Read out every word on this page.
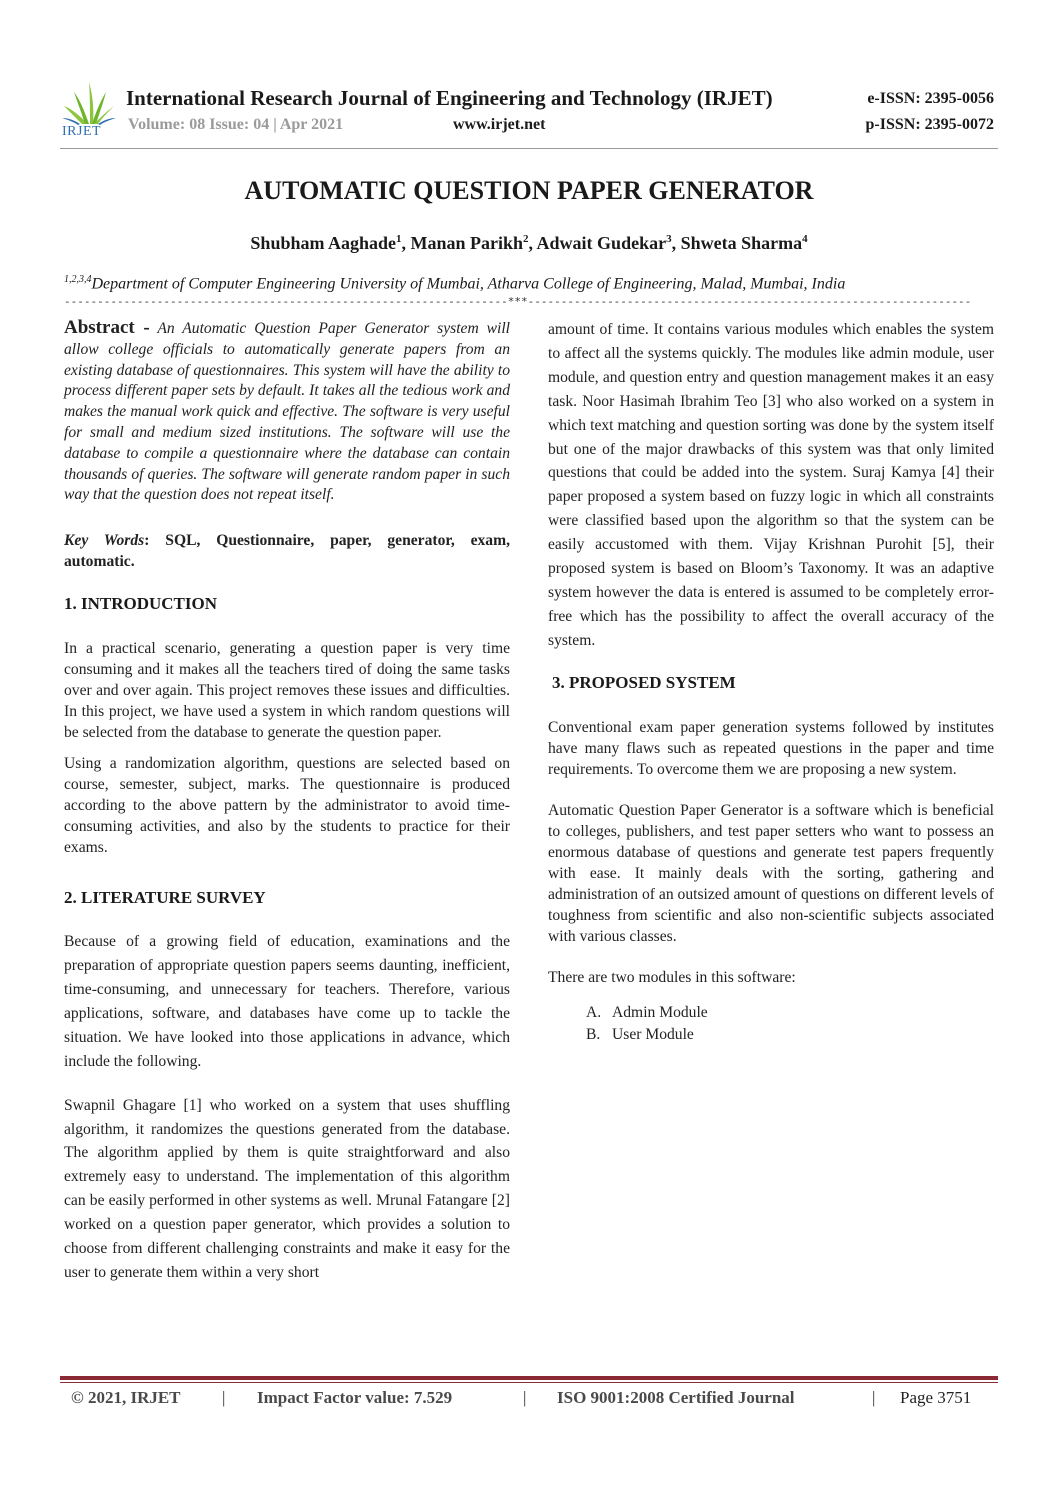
IRJET
International Research Journal of Engineering and Technology (IRJET)
Volume: 08 Issue: 04 | Apr 2021	www.irjet.net
e-ISSN: 2395-0056
p-ISSN: 2395-0072
AUTOMATIC QUESTION PAPER GENERATOR
Shubham Aaghade$^1$, Manan Parikh$^2$, Adwait Gudekar$^3$, Shweta Sharma$^4$
$^{1,2,3,4}$Department of Computer Engineering University of Mumbai, Atharva College of Engineering, Malad, Mumbai, India
-------------------------------------------------------------------***-------------------------------------------------------------------

Abstract - An Automatic Question Paper Generator system will allow college officials to automatically generate papers from an existing database of questionnaires. This system will have the ability to process different paper sets by default. It takes all the tedious work and makes the manual work quick and effective. The software is very useful for small and medium sized institutions. The software will use the database to compile a questionnaire where the database can contain thousands of queries. The software will generate random paper in such way that the question does not repeat itself.

Key Words: SQL, Questionnaire, paper, generator, exam, automatic.

1. INTRODUCTION

In a practical scenario, generating a question paper is very time consuming and it makes all the teachers tired of doing the same tasks over and over again. This project removes these issues and difficulties. In this project, we have used a system in which random questions will be selected from the database to generate the question paper.

Using a randomization algorithm, questions are selected based on course, semester, subject, marks. The questionnaire is produced according to the above pattern by the administrator to avoid time-consuming activities, and also by the students to practice for their exams.

2. LITERATURE SURVEY

Because of a growing field of education, examinations and the preparation of appropriate question papers seems daunting, inefficient, time-consuming, and unnecessary for teachers. Therefore, various applications, software, and databases have come up to tackle the situation. We have looked into those applications in advance, which include the following.

Swapnil Ghagare [1] who worked on a system that uses shuffling algorithm, it randomizes the questions generated from the database. The algorithm applied by them is quite straightforward and also extremely easy to understand. The implementation of this algorithm can be easily performed in other systems as well. Mrunal Fatangare [2] worked on a question paper generator, which provides a solution to choose from different challenging constraints and make it easy for the user to generate them within a very short

amount of time. It contains various modules which enables the system to affect all the systems quickly. The modules like admin module, user module, and question entry and question management makes it an easy task. Noor Hasimah Ibrahim Teo [3] who also worked on a system in which text matching and question sorting was done by the system itself but one of the major drawbacks of this system was that only limited questions that could be added into the system. Suraj Kamya [4] their paper proposed a system based on fuzzy logic in which all constraints were classified based upon the algorithm so that the system can be easily accustomed with them. Vijay Krishnan Purohit [5], their proposed system is based on Bloom’s Taxonomy. It was an adaptive system however the data is entered is assumed to be completely error-free which has the possibility to affect the overall accuracy of the system.

3. PROPOSED SYSTEM

Conventional exam paper generation systems followed by institutes have many flaws such as repeated questions in the paper and time requirements. To overcome them we are proposing a new system.

Automatic Question Paper Generator is a software which is beneficial to colleges, publishers, and test paper setters who want to possess an enormous database of questions and generate test papers frequently with ease. It mainly deals with the sorting, gathering and administration of an outsized amount of questions on different levels of toughness from scientific and also non-scientific subjects associated with various classes.

There are two modules in this software:

A. Admin Module
B. User Module
© 2021, IRJET | Impact Factor value: 7.529	| ISO 9001:2008 Certified Journal	| Page 3751
